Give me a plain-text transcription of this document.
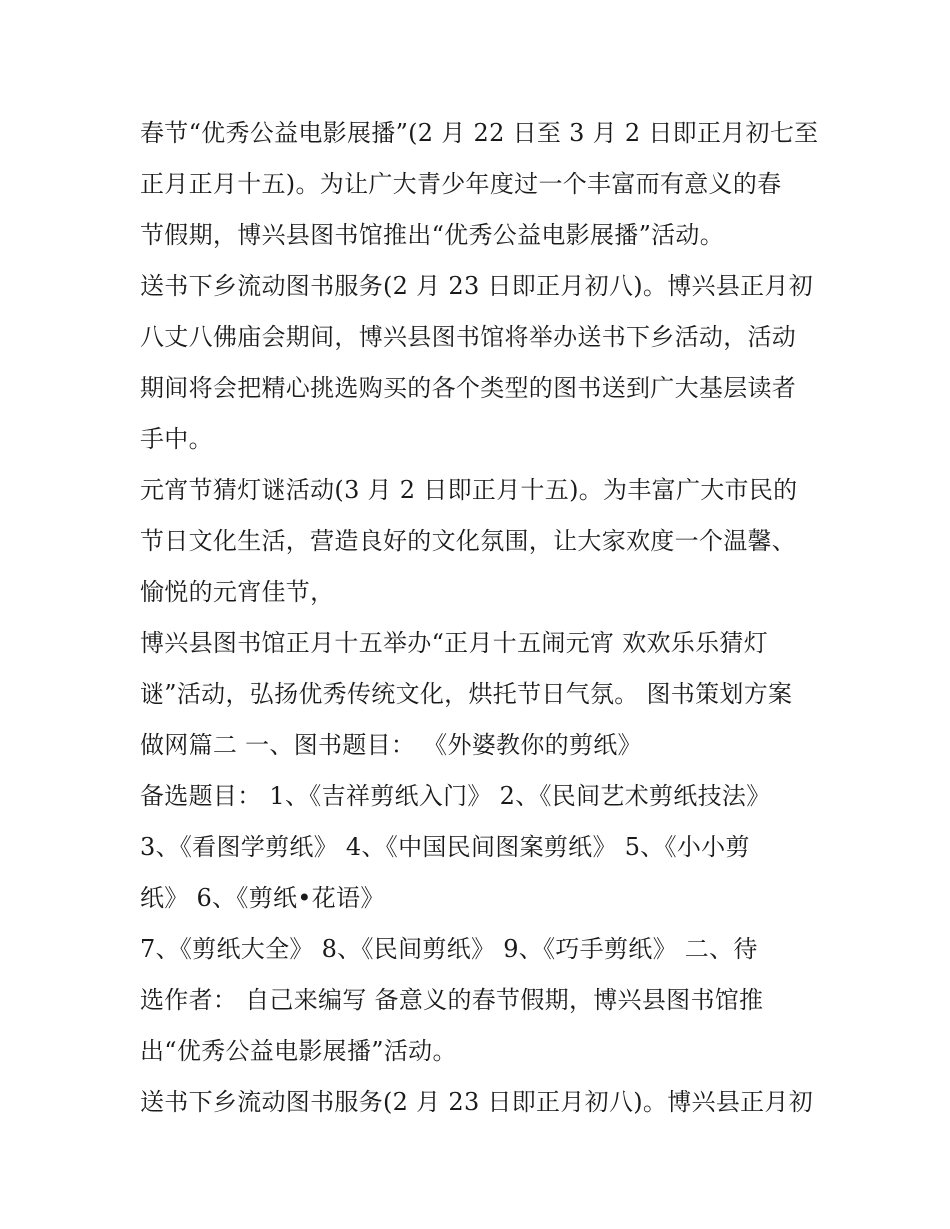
春节“优秀公益电影展播”(2 月 22 日至 3 月 2 日即正月初七至
正月正月十五)。为让广大青少年度过一个丰富而有意义的春
节假期，博兴县图书馆推出“优秀公益电影展播”活动。
送书下乡流动图书服务(2 月 23 日即正月初八)。博兴县正月初
八丈八佛庙会期间，博兴县图书馆将举办送书下乡活动，活动
期间将会把精心挑选购买的各个类型的图书送到广大基层读者
手中。
元宵节猜灯谜活动(3 月 2 日即正月十五)。为丰富广大市民的
节日文化生活，营造良好的文化氛围，让大家欢度一个温馨、
愉悦的元宵佳节，
博兴县图书馆正月十五举办“正月十五闹元宵 欢欢乐乐猜灯
谜”活动，弘扬优秀传统文化，烘托节日气氛。 图书策划方案
做网篇二 一、图书题目： 《外婆教你的剪纸》
备选题目： 1、《吉祥剪纸入门》 2、《民间艺术剪纸技法》
3、《看图学剪纸》 4、《中国民间图案剪纸》 5、《小小剪
纸》 6、《剪纸•花语》
7、《剪纸大全》 8、《民间剪纸》 9、《巧手剪纸》 二、待
选作者： 自己来编写 备意义的春节假期，博兴县图书馆推
出“优秀公益电影展播”活动。
送书下乡流动图书服务(2 月 23 日即正月初八)。博兴县正月初
